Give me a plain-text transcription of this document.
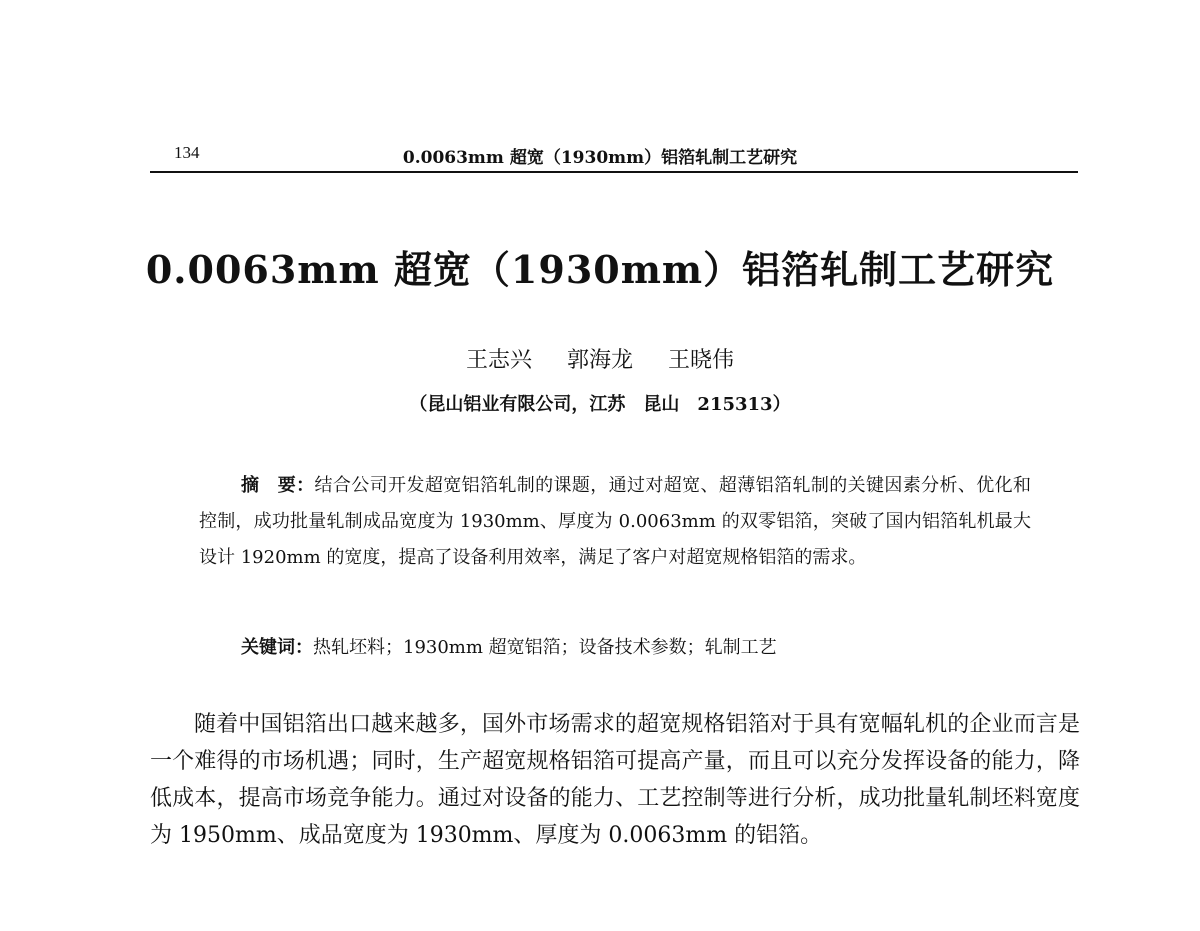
134	0.0063mm 超宽（1930mm）铝箔轧制工艺研究
0.0063mm 超宽（1930mm）铝箔轧制工艺研究
王志兴 郭海龙 王晓伟
（昆山铝业有限公司，江苏　昆山　215313）

摘　要：结合公司开发超宽铝箔轧制的课题，通过对超宽、超薄铝箔轧制的关键因素分析、优化和控制，成功批量轧制成品宽度为 1930mm、厚度为 0.0063mm 的双零铝箔，突破了国内铝箔轧机最大设计 1920mm 的宽度，提高了设备利用效率，满足了客户对超宽规格铝箔的需求。

关键词：热轧坯料；1930mm 超宽铝箔；设备技术参数；轧制工艺

随着中国铝箔出口越来越多，国外市场需求的超宽规格铝箔对于具有宽幅轧机的企业而言是一个难得的市场机遇；同时，生产超宽规格铝箔可提高产量，而且可以充分发挥设备的能力，降低成本，提高市场竞争能力。通过对设备的能力、工艺控制等进行分析，成功批量轧制坯料宽度为 1950mm、成品宽度为 1930mm、厚度为 0.0063mm 的铝箔。
